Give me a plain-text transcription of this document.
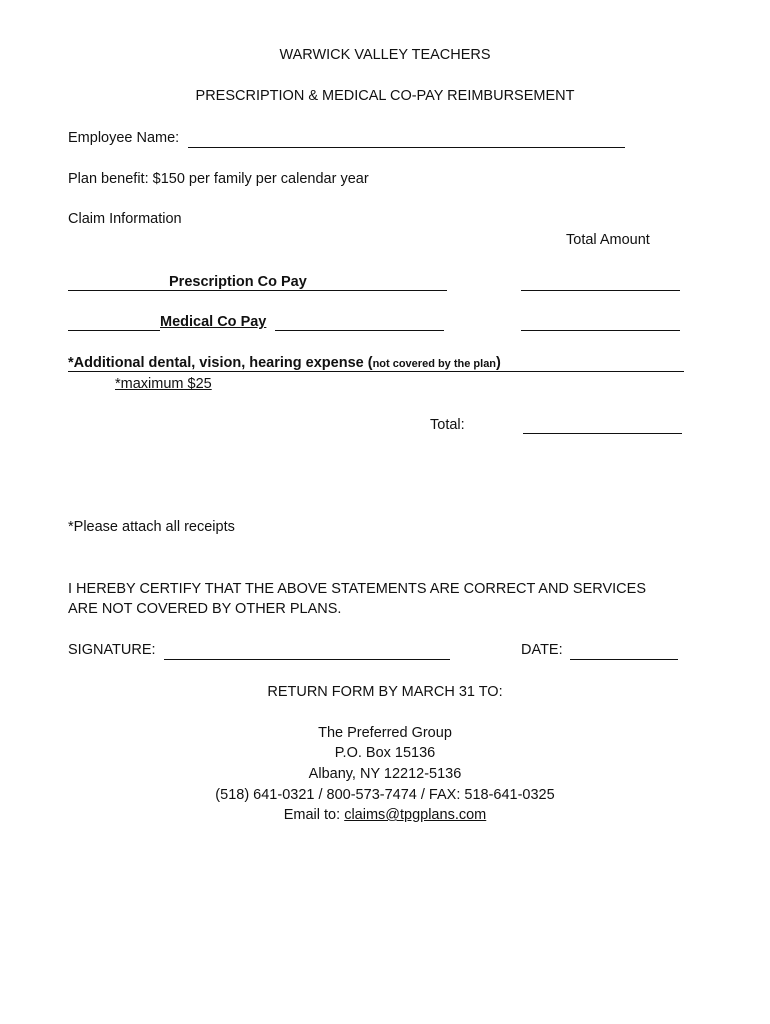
WARWICK VALLEY TEACHERS
PRESCRIPTION & MEDICAL CO-PAY REIMBURSEMENT
Employee Name:
Plan benefit: $150 per family per calendar year
Claim Information
Total Amount
Prescription Co Pay
Medical Co Pay
*Additional dental, vision, hearing expense (not covered by the plan)
*maximum $25
Total:
*Please attach all receipts
I HEREBY CERTIFY THAT THE ABOVE STATEMENTS ARE CORRECT AND SERVICES
ARE NOT COVERED BY OTHER PLANS.
SIGNATURE:	DATE:
RETURN FORM BY MARCH 31 TO:
The Preferred Group
P.O. Box 15136
Albany, NY 12212-5136
(518) 641-0321 / 800-573-7474 / FAX: 518-641-0325
Email to: claims@tpgplans.com
